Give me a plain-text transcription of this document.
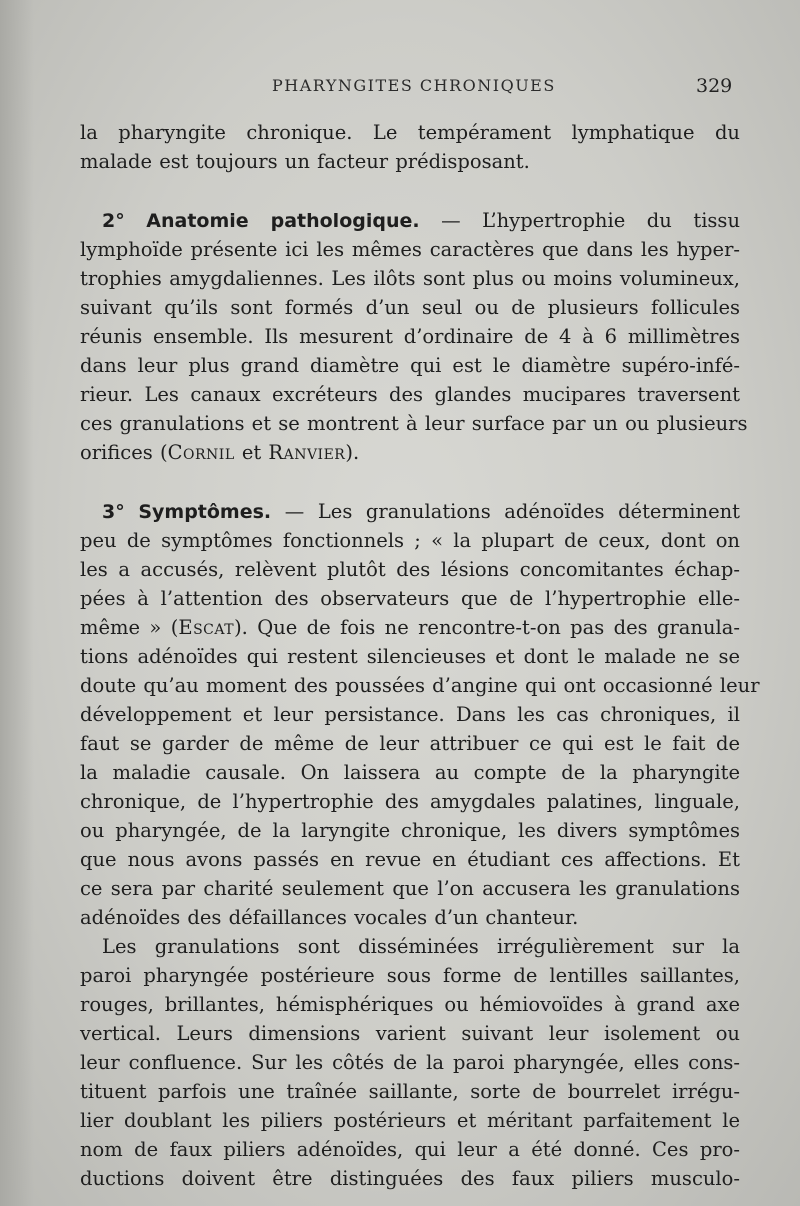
PHARYNGITES CHRONIQUES	329
la pharyngite chronique. Le tempérament lymphatique du
malade est toujours un facteur prédisposant.
2° Anatomie pathologique. — L’hypertrophie du tissu
lymphoïde présente ici les mêmes caractères que dans les hyper-
trophies amygdaliennes. Les ilôts sont plus ou moins volumineux,
suivant qu’ils sont formés d’un seul ou de plusieurs follicules
réunis ensemble. Ils mesurent d’ordinaire de 4 à 6 millimètres
dans leur plus grand diamètre qui est le diamètre supéro-infé-
rieur. Les canaux excréteurs des glandes mucipares traversent
ces granulations et se montrent à leur surface par un ou plusieurs
orifices (Cornil et Ranvier).
3° Symptômes. — Les granulations adénoïdes déterminent
peu de symptômes fonctionnels ; « la plupart de ceux, dont on
les a accusés, relèvent plutôt des lésions concomitantes échap-
pées à l’attention des observateurs que de l’hypertrophie elle-
même » (Escat). Que de fois ne rencontre-t-on pas des granula-
tions adénoïdes qui restent silencieuses et dont le malade ne se
doute qu’au moment des poussées d’angine qui ont occasionné leur
développement et leur persistance. Dans les cas chroniques, il
faut se garder de même de leur attribuer ce qui est le fait de
la maladie causale. On laissera au compte de la pharyngite
chronique, de l’hypertrophie des amygdales palatines, linguale,
ou pharyngée, de la laryngite chronique, les divers symptômes
que nous avons passés en revue en étudiant ces affections. Et
ce sera par charité seulement que l’on accusera les granulations
adénoïdes des défaillances vocales d’un chanteur.
Les granulations sont disséminées irrégulièrement sur la
paroi pharyngée postérieure sous forme de lentilles saillantes,
rouges, brillantes, hémisphériques ou hémiovoïdes à grand axe
vertical. Leurs dimensions varient suivant leur isolement ou
leur confluence. Sur les côtés de la paroi pharyngée, elles cons-
tituent parfois une traînée saillante, sorte de bourrelet irrégu-
lier doublant les piliers postérieurs et méritant parfaitement le
nom de faux piliers adénoïdes, qui leur a été donné. Ces pro-
ductions doivent être distinguées des faux piliers musculo-
